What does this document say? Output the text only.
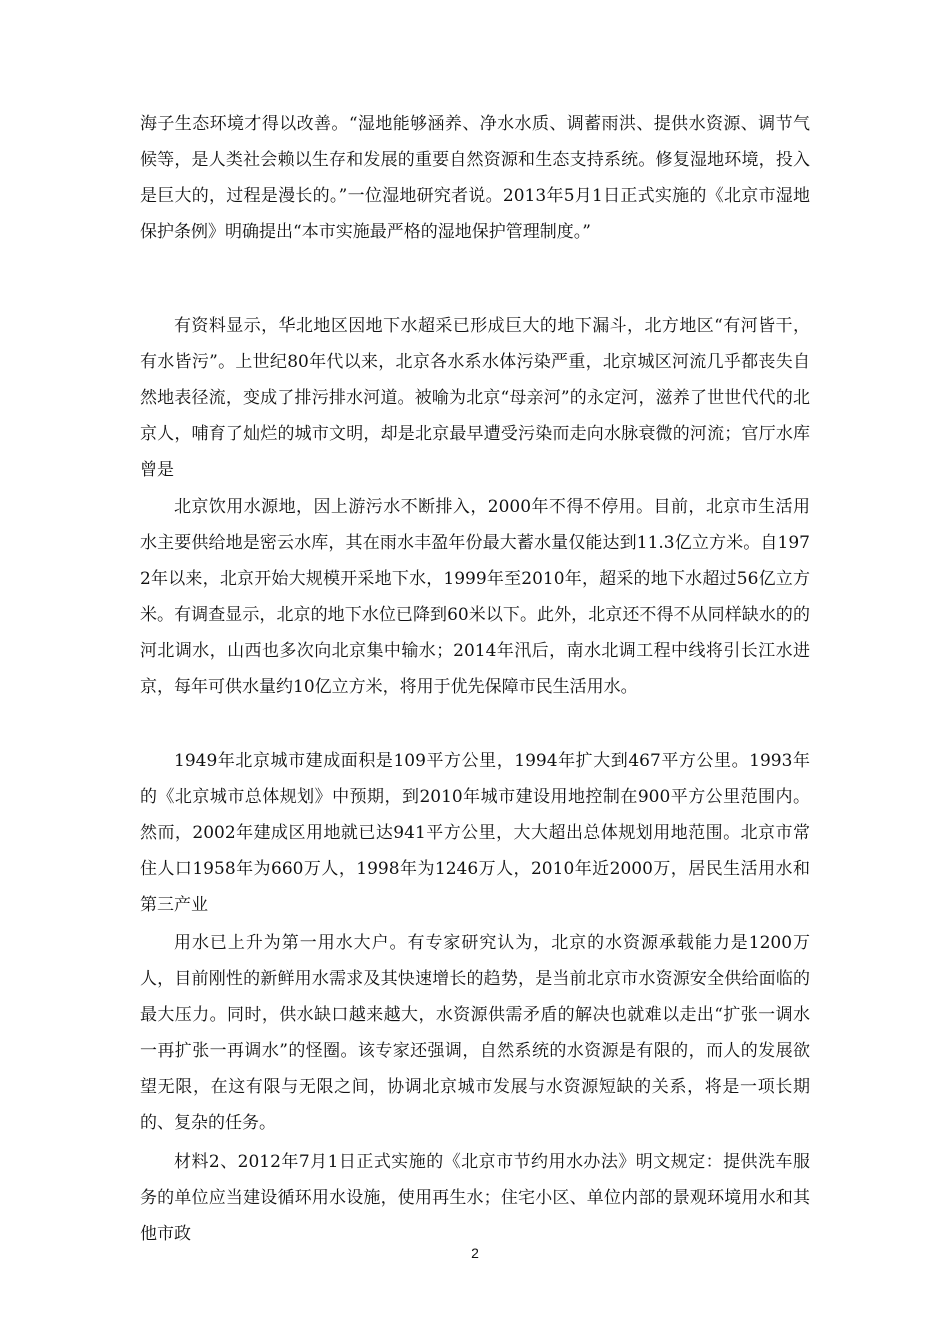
海子生态环境才得以改善。“湿地能够涵养、净水水质、调蓄雨洪、提供水资源、调节气候等，是人类社会赖以生存和发展的重要自然资源和生态支持系统。修复湿地环境，投入是巨大的，过程是漫长的。”一位湿地研究者说。2013年5月1日正式实施的《北京市湿地保护条例》明确提出“本市实施最严格的湿地保护管理制度。”

有资料显示，华北地区因地下水超采已形成巨大的地下漏斗，北方地区“有河皆干，有水皆污”。上世纪80年代以来，北京各水系水体污染严重，北京城区河流几乎都丧失自然地表径流，变成了排污排水河道。被喻为北京“母亲河”的永定河，滋养了世世代代的北京人，哺育了灿烂的城市文明，却是北京最早遭受污染而走向水脉衰微的河流；官厅水库曾是

北京饮用水源地，因上游污水不断排入，2000年不得不停用。目前，北京市生活用水主要供给地是密云水库，其在雨水丰盈年份最大蓄水量仅能达到11.3亿立方米。自1972年以来，北京开始大规模开采地下水，1999年至2010年，超采的地下水超过56亿立方米。有调查显示，北京的地下水位已降到60米以下。此外，北京还不得不从同样缺水的的河北调水，山西也多次向北京集中输水；2014年汛后，南水北调工程中线将引长江水进京，每年可供水量约10亿立方米，将用于优先保障市民生活用水。

1949年北京城市建成面积是109平方公里，1994年扩大到467平方公里。1993年的《北京城市总体规划》中预期，到2010年城市建设用地控制在900平方公里范围内。然而，2002年建成区用地就已达941平方公里，大大超出总体规划用地范围。北京市常住人口1958年为660万人，1998年为1246万人，2010年近2000万，居民生活用水和第三产业

用水已上升为第一用水大户。有专家研究认为，北京的水资源承载能力是1200万人，目前刚性的新鲜用水需求及其快速增长的趋势，是当前北京市水资源安全供给面临的最大压力。同时，供水缺口越来越大，水资源供需矛盾的解决也就难以走出“扩张一调水一再扩张一再调水”的怪圈。该专家还强调，自然系统的水资源是有限的，而人的发展欲望无限，在这有限与无限之间，协调北京城市发展与水资源短缺的关系，将是一项长期的、复杂的任务。

材料2、2012年7月1日正式实施的《北京市节约用水办法》明文规定：提供洗车服务的单位应当建设循环用水设施，使用再生水；住宅小区、单位内部的景观环境用水和其他市政

2
